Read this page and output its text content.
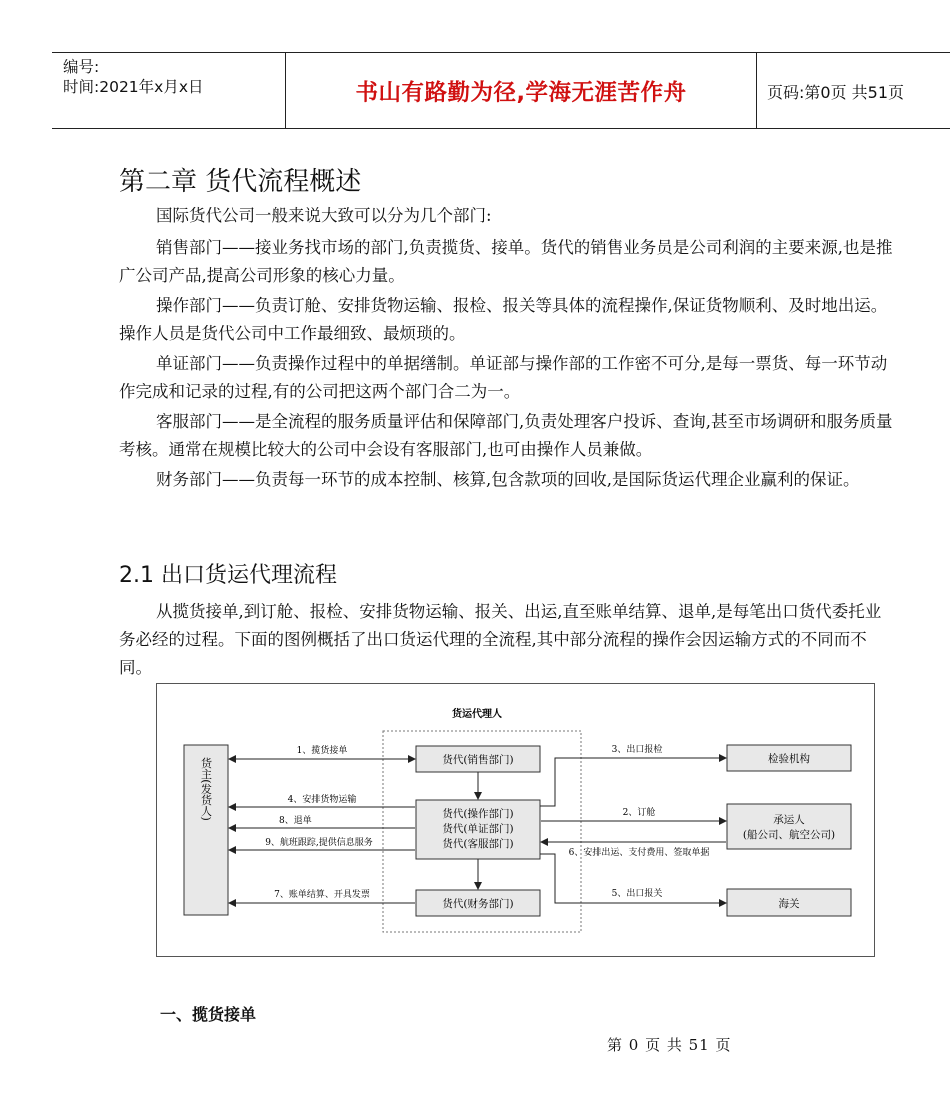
编号:
时间:2021年x月x日	书山有路勤为径,学海无涯苦作舟	页码:第0页 共51页
第二章 货代流程概述
国际货代公司一般来说大致可以分为几个部门:
销售部门——接业务找市场的部门,负责揽货、接单。货代的销售业务员是公司利润的主要来源,也是推广公司产品,提高公司形象的核心力量。
操作部门——负责订舱、安排货物运输、报检、报关等具体的流程操作,保证货物顺利、及时地出运。操作人员是货代公司中工作最细致、最烦琐的。
单证部门——负责操作过程中的单据缮制。单证部与操作部的工作密不可分,是每一票货、每一环节动作完成和记录的过程,有的公司把这两个部门合二为一。
客服部门——是全流程的服务质量评估和保障部门,负责处理客户投诉、查询,甚至市场调研和服务质量考核。通常在规模比较大的公司中会设有客服部门,也可由操作人员兼做。
财务部门——负责每一环节的成本控制、核算,包含款项的回收,是国际货运代理企业赢利的保证。
2.1 出口货运代理流程
从揽货接单,到订舱、报检、安排货物运输、报关、出运,直至账单结算、退单,是每笔出口货代委托业务必经的过程。下面的图例概括了出口货运代理的全流程,其中部分流程的操作会因运输方式的不同而不同。
货运代理人
货主(发货人)	货代(销售部门)
货代(操作部门)
货代(单证部门)
货代(客服部门)
货代(财务部门)
检验机构
承运人
(船公司、航空公司)
海关
1、揽货接单
4、安排货物运输
8、退单
9、航班跟踪,提供信息服务
7、账单结算、开具发票
3、出口报检
2、订舱
6、安排出运、支付费用、签取单据
5、出口报关
一、揽货接单
第 0 页 共 51 页
